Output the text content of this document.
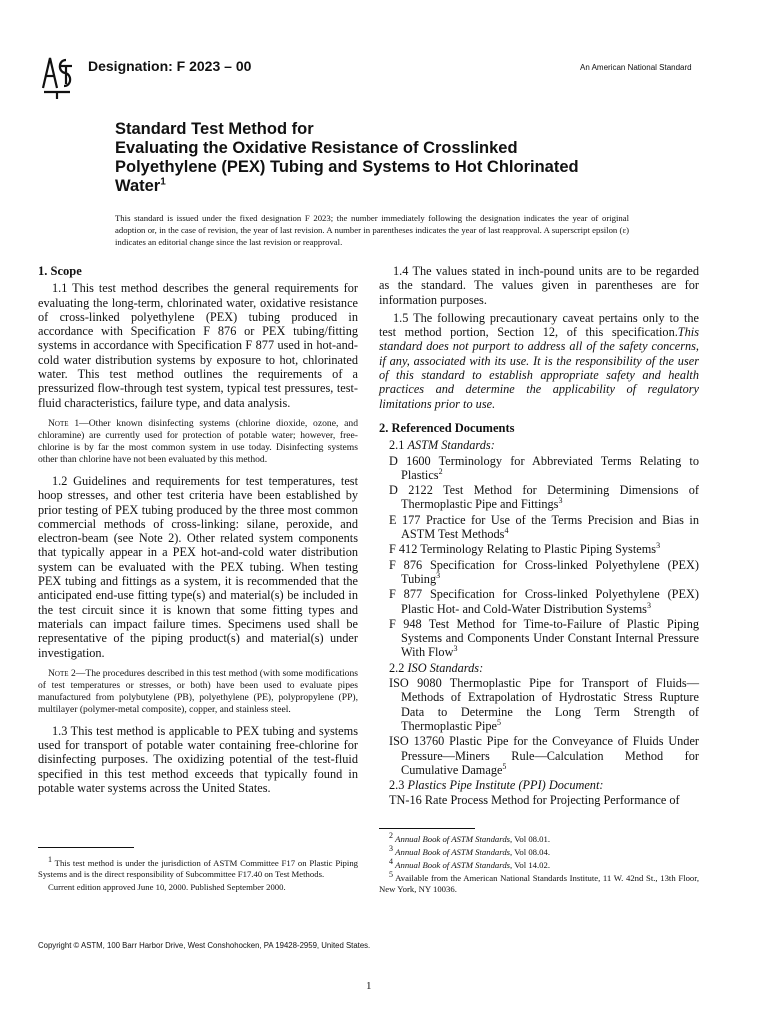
Designation: F 2023 – 00	An American National Standard
Standard Test Method for
Evaluating the Oxidative Resistance of Crosslinked
Polyethylene (PEX) Tubing and Systems to Hot Chlorinated
Water$^1$
This standard is issued under the fixed designation F 2023; the number immediately following the designation indicates the year of original adoption or, in the case of revision, the year of last revision. A number in parentheses indicates the year of last reapproval. A superscript epsilon (ε) indicates an editorial change since the last revision or reapproval.
1. Scope

1.1 This test method describes the general requirements for evaluating the long-term, chlorinated water, oxidative resistance of cross-linked polyethylene (PEX) tubing produced in accordance with Specification F 876 or PEX tubing/fitting systems in accordance with Specification F 877 used in hot-and-cold water distribution systems by exposure to hot, chlorinated water. This test method outlines the requirements of a pressurized flow-through test system, typical test pressures, test-fluid characteristics, failure type, and data analysis.

Note 1—Other known disinfecting systems (chlorine dioxide, ozone, and chloramine) are currently used for protection of potable water; however, free-chlorine is by far the most common system in use today. Disinfecting systems other than chlorine have not been evaluated by this method.

1.2 Guidelines and requirements for test temperatures, test hoop stresses, and other test criteria have been established by prior testing of PEX tubing produced by the three most common commercial methods of cross-linking: silane, peroxide, and electron-beam (see Note 2). Other related system components that typically appear in a PEX hot-and-cold water distribution system can be evaluated with the PEX tubing. When testing PEX tubing and fittings as a system, it is recommended that the anticipated end-use fitting type(s) and material(s) be included in the test circuit since it is known that some fitting types and materials can impact failure times. Specimens used shall be representative of the piping product(s) and material(s) under investigation.

Note 2—The procedures described in this test method (with some modifications of test temperatures or stresses, or both) have been used to evaluate pipes manufactured from polybutylene (PB), polyethylene (PE), polypropylene (PP), multilayer (polymer-metal composite), copper, and stainless steel.

1.3 This test method is applicable to PEX tubing and systems used for transport of potable water containing free-chlorine for disinfecting purposes. The oxidizing potential of the test-fluid specified in this test method exceeds that typically found in potable water systems across the United States.

$^1$ This test method is under the jurisdiction of ASTM Committee F17 on Plastic Piping Systems and is the direct responsibility of Subcommittee F17.40 on Test Methods.

Current edition approved June 10, 2000. Published September 2000.

1.4 The values stated in inch-pound units are to be regarded as the standard. The values given in parentheses are for information purposes.

1.5 The following precautionary caveat pertains only to the test method portion, Section 12, of this specification.This standard does not purport to address all of the safety concerns, if any, associated with its use. It is the responsibility of the user of this standard to establish appropriate safety and health practices and determine the applicability of regulatory limitations prior to use.

2. Referenced Documents

2.1 ASTM Standards:

D 1600 Terminology for Abbreviated Terms Relating to Plastics$^2$

D 2122 Test Method for Determining Dimensions of Thermoplastic Pipe and Fittings$^3$

E 177 Practice for Use of the Terms Precision and Bias in ASTM Test Methods$^4$

F 412 Terminology Relating to Plastic Piping Systems$^3$

F 876 Specification for Cross-linked Polyethylene (PEX) Tubing$^3$

F 877 Specification for Cross-linked Polyethylene (PEX) Plastic Hot- and Cold-Water Distribution Systems$^3$

F 948 Test Method for Time-to-Failure of Plastic Piping Systems and Components Under Constant Internal Pressure With Flow$^3$

2.2 ISO Standards:

ISO 9080 Thermoplastic Pipe for Transport of Fluids—Methods of Extrapolation of Hydrostatic Stress Rupture Data to Determine the Long Term Strength of Thermoplastic Pipe$^5$

ISO 13760 Plastic Pipe for the Conveyance of Fluids Under Pressure—Miners Rule—Calculation Method for Cumulative Damage$^5$

2.3 Plastics Pipe Institute (PPI) Document:

TN-16 Rate Process Method for Projecting Performance of

$^2$ Annual Book of ASTM Standards, Vol 08.01.

$^3$ Annual Book of ASTM Standards, Vol 08.04.

$^4$ Annual Book of ASTM Standards, Vol 14.02.

$^5$ Available from the American National Standards Institute, 11 W. 42nd St., 13th Floor, New York, NY 10036.

Copyright © ASTM, 100 Barr Harbor Drive, West Conshohocken, PA 19428-2959, United States.
1
